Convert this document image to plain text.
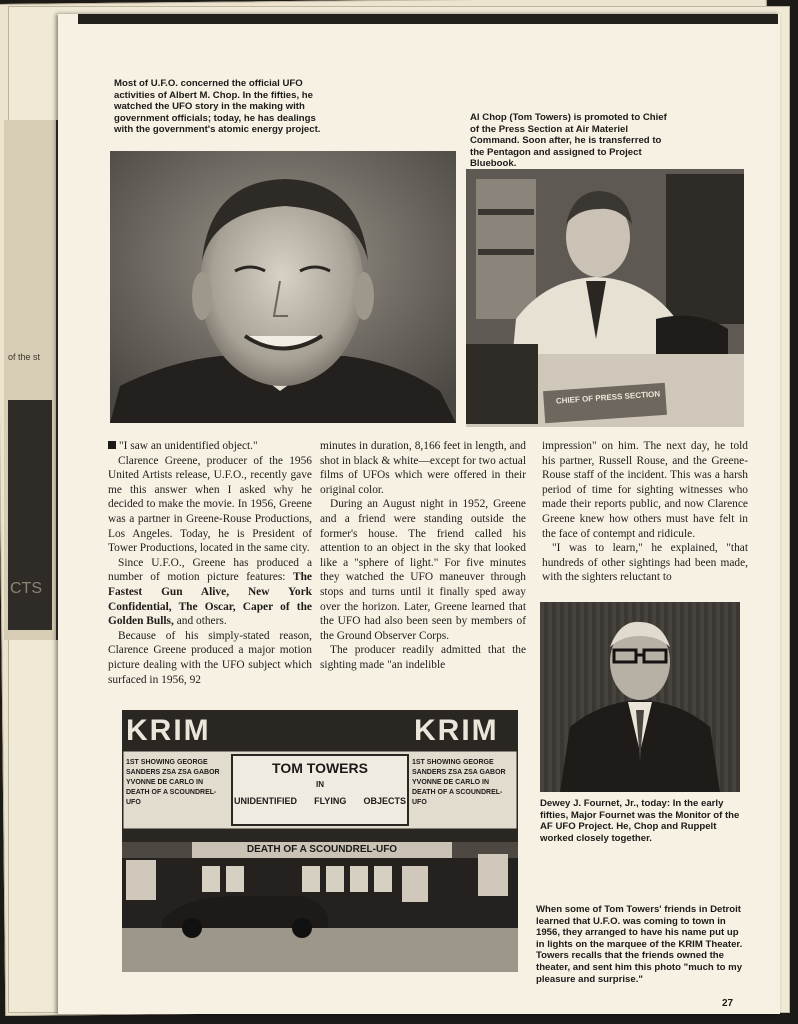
of the st
CTS
Most of U.F.O. concerned the official UFO activities of Albert M. Chop. In the fifties, he watched the UFO story in the making with government officials; today, he has dealings with the government's atomic energy project.
Al Chop (Tom Towers) is promoted to Chief of the Press Section at Air Materiel Command. Soon after, he is transferred to the Pentagon and assigned to Project Bluebook.
CHIEF OF PRESS SECTION

"I saw an unidentified object."

Clarence Greene, producer of the 1956 United Artists release, U.F.O., recently gave me this answer when I asked why he decided to make the movie. In 1956, Greene was a partner in Greene-Rouse Productions, Los Angeles. Today, he is President of Tower Productions, located in the same city.

Since U.F.O., Greene has produced a number of motion picture features: The Fastest Gun Alive, New York Confidential, The Oscar, Caper of the Golden Bulls, and others.

Because of his simply-stated reason, Clarence Greene produced a major motion picture dealing with the UFO subject which surfaced in 1956, 92

minutes in duration, 8,166 feet in length, and shot in black & white—except for two actual films of UFOs which were offered in their original color.

During an August night in 1952, Greene and a friend were standing outside the former's house. The friend called his attention to an object in the sky that looked like a "sphere of light." For five minutes they watched the UFO maneuver through stops and turns until it finally sped away over the horizon. Later, Greene learned that the UFO had also been seen by members of the Ground Observer Corps.

The producer readily admitted that the sighting made "an indelible

impression" on him. The next day, he told his partner, Russell Rouse, and the Greene-Rouse staff of the incident. This was a harsh period of time for sighting witnesses who made their reports public, and now Clarence Greene knew how others must have felt in the face of contempt and ridicule.

"I was to learn," he explained, "that hundreds of other sightings had been made, with the sighters reluctant to

Dewey J. Fournet, Jr., today: In the early fifties, Major Fournet was the Monitor of the AF UFO Project. He, Chop and Ruppelt worked closely together.
KRIM	KRIM
TOM TOWERS
IN
UNIDENTIFIED FLYING OBJECTS
1ST SHOWING GEORGE SANDERS ZSA ZSA GABOR YVONNE DE CARLO IN DEATH OF A SCOUNDREL-UFO
1ST SHOWING GEORGE SANDERS ZSA ZSA GABOR YVONNE DE CARLO IN DEATH OF A SCOUNDREL-UFO
DEATH OF A SCOUNDREL-UFO
When some of Tom Towers' friends in Detroit learned that U.F.O. was coming to town in 1956, they arranged to have his name put up in lights on the marquee of the KRIM Theater. Towers recalls that the friends owned the theater, and sent him this photo "much to my pleasure and surprise."
27
